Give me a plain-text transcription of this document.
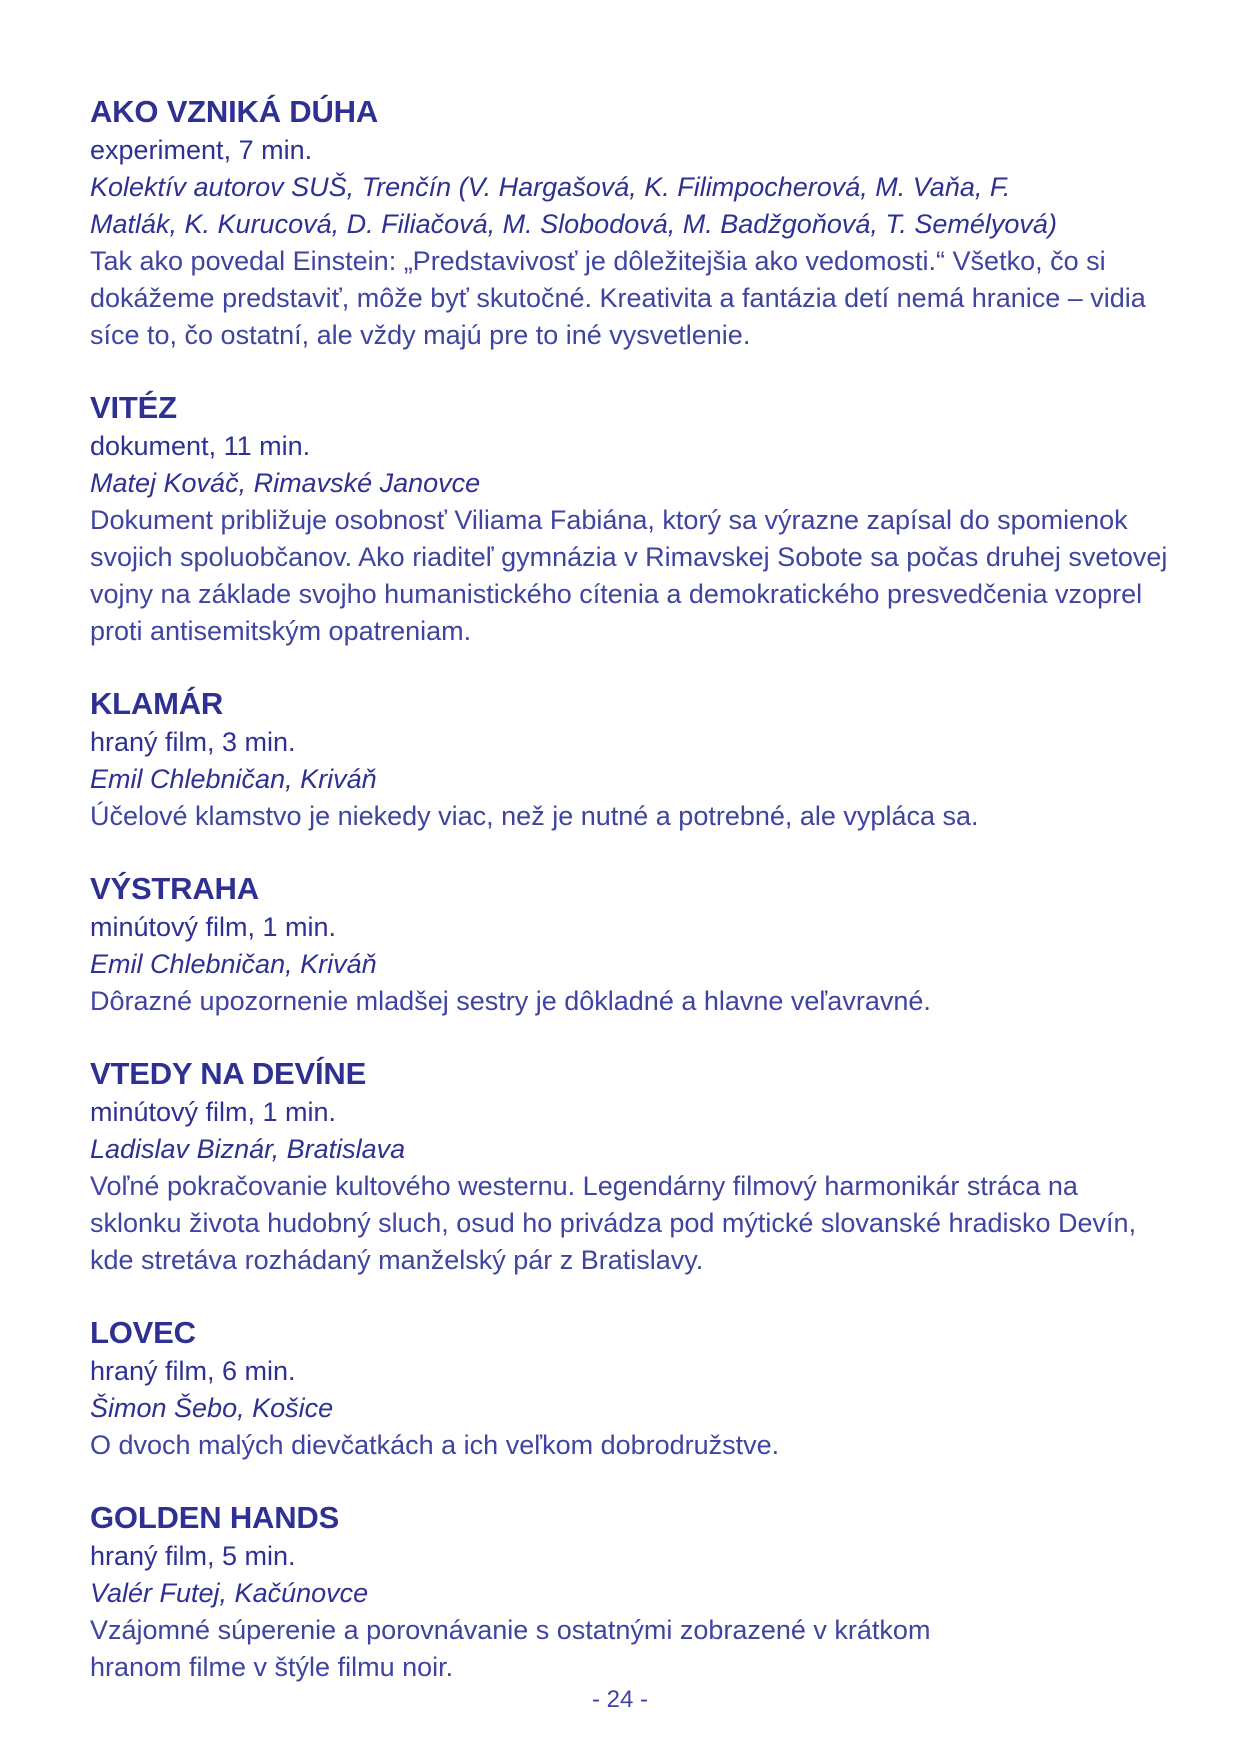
AKO VZNIKÁ DÚHA
experiment, 7 min.
Kolektív autorov SUŠ, Trenčín (V. Hargašová, K. Filimpocherová, M. Vaňa, F. Matlák, K. Kurucová, D. Filiačová, M. Slobodová, M. Badžgoňová, T. Semélyová)
Tak ako povedal Einstein: „Predstavivosť je dôležitejšia ako vedomosti.“ Všetko, čo si dokážeme predstaviť, môže byť skutočné. Kreativita a fantázia detí nemá hranice – vidia síce to, čo ostatní, ale vždy majú pre to iné vysvetlenie.
VITÉZ
dokument, 11 min.
Matej Kováč, Rimavské Janovce
Dokument približuje osobnosť Viliama Fabiána, ktorý sa výrazne zapísal do spomienok svojich spoluobčanov. Ako riaditeľ gymnázia v Rimavskej Sobote sa počas druhej svetovej vojny na základe svojho humanistického cítenia a demokratického presvedčenia vzoprel proti antisemitským opatreniam.
KLAMÁR
hraný film, 3 min.
Emil Chlebničan, Kriváň
Účelové klamstvo je niekedy viac, než je nutné a potrebné, ale vypláca sa.
VÝSTRAHA
minútový film, 1 min.
Emil Chlebničan, Kriváň
Dôrazné upozornenie mladšej sestry je dôkladné a hlavne veľavravné.
VTEDY NA DEVÍNE
minútový film, 1 min.
Ladislav Biznár, Bratislava
Voľné pokračovanie kultového westernu. Legendárny filmový harmonikár stráca na sklonku života hudobný sluch, osud ho privádza pod mýtické slovanské hradisko Devín, kde stretáva rozhádaný manželský pár z Bratislavy.
LOVEC
hraný film, 6 min.
Šimon Šebo, Košice
O dvoch malých dievčatkách a ich veľkom dobrodružstve.
GOLDEN HANDS
hraný film, 5 min.
Valér Futej, Kačúnovce
Vzájomné súperenie a porovnávanie s ostatnými zobrazené v krátkom hranom filme v štýle filmu noir.
- 24 -
